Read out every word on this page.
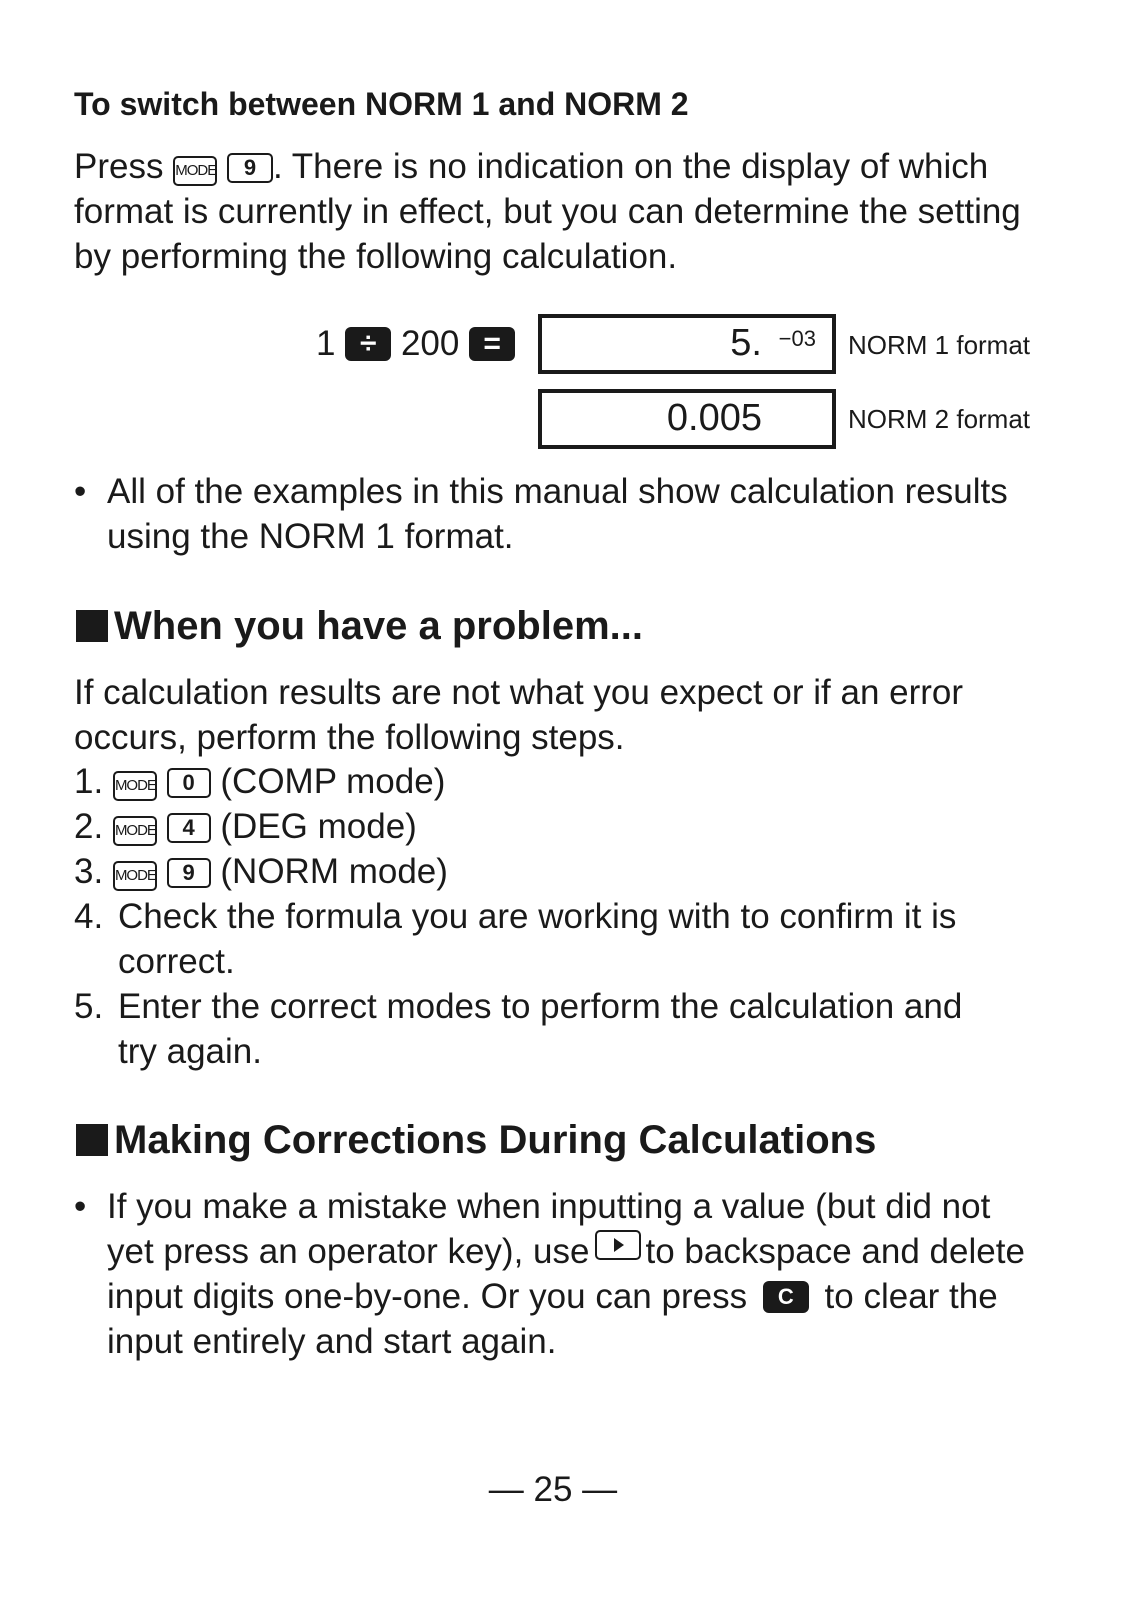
To switch between NORM 1 and NORM 2
Press MODE 9 . There is no indication on the display of which
format is currently in effect, but you can determine the setting
by performing the following calculation.
1 ÷ 200 =	5. −03 NORM 1 format
0.005	NORM 2 format
• All of the examples in this manual show calculation results
using the NORM 1 format.
When you have a problem...
If calculation results are not what you expect or if an error
occurs, perform the following steps.
1. MODE 0 (COMP mode)
2. MODE 4 (DEG mode)
3. MODE 9 (NORM mode)
4. Check the formula you are working with to confirm it is
correct.
5. Enter the correct modes to perform the calculation and
try again.
Making Corrections During Calculations
• If you make a mistake when inputting a value (but did not
yet press an operator key), use to backspace and delete
input digits one-by-one. Or you can press C to clear the
input entirely and start again.
— 25 —
